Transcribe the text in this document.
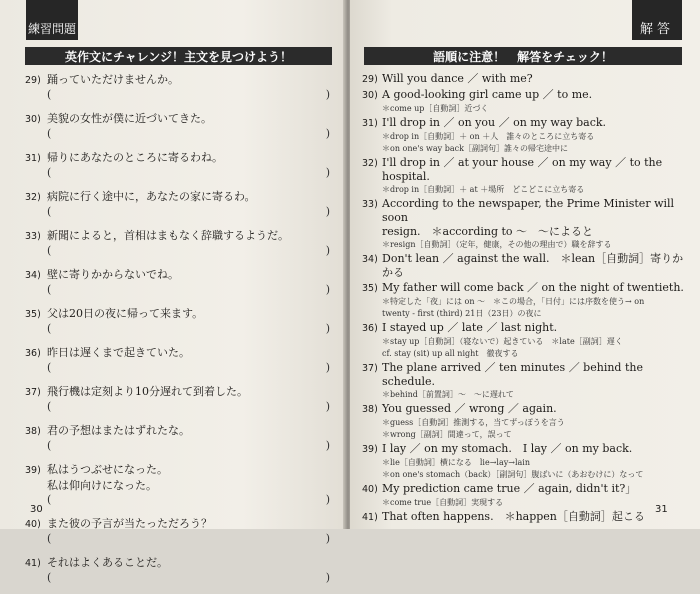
練習問題
英作文にチャレンジ！主文を見つけよう！
29) 踊っていただけませんか。
(	)
30) 美貌の女性が僕に近づいてきた。
(	)
31) 帰りにあなたのところに寄るわね。
(	)
32) 病院に行く途中に，あなたの家に寄るわ。
(	)
33) 新聞によると，首相はまもなく辞職するようだ。
(	)
34) 壁に寄りかからないでね。
(	)
35) 父は20日の夜に帰って来ます。
(	)
36) 昨日は遅くまで起きていた。
(	)
37) 飛行機は定刻より10分遅れて到着した。
(	)
38) 君の予想はまたはずれたな。
(	)
39) 私はうつぶせになった。
私は仰向けになった。
(	)
40) また彼の予言が当たっただろう？
(	)
41) それはよくあることだ。
(	)
30
解答
語順に注意！　解答をチェック！
29) Will you dance ／ with me?
30) A good-looking girl came up ／ to me.
＊come up［自動詞］近づく
31) I'll drop in ／ on you ／ on my way back.
＊drop in［自動詞］＋ on ＋人　誰々のところに立ち寄る
＊on one's way back［副詞句］誰々の帰宅途中に
32) I'll drop in ／ at your house ／ on my way ／ to the hospital.
＊drop in［自動詞］＋ at ＋場所　どこどこに立ち寄る
33) According to the newspaper, the Prime Minister will soon
resign.　＊according to ～　～によると
＊resign［自動詞］（定年，健康，その他の理由で）職を辞する
34) Don't lean ／ against the wall.　＊lean［自動詞］寄りかかる
35) My father will come back ／ on the night of twentieth.
＊特定した「夜」には on ～　＊この場合，「日付」には序数を使う→ on
twenty - first (third) 21日（23日）の夜に
36) I stayed up ／ late ／ last night.
＊stay up［自動詞］（寝ないで）起きている　＊late［副詞］遅く
cf. stay (sit) up all night　徹夜する
37) The plane arrived ／ ten minutes ／ behind the schedule.
＊behind［前置詞］～　～に遅れて
38) You guessed ／ wrong ／ again.
＊guess［自動詞］推測する，当てずっぽうを言う
＊wrong［副詞］間違って，誤って
39) I lay ／ on my stomach.　I lay ／ on my back.
＊lie［自動詞］横になる　lie→lay→lain
＊on one's stomach（back）［副詞句］腹ばいに（あおむけに）なって
40) My prediction came true ／ again, didn't it?」
＊come true［自動詞］実現する
41) That often happens.　＊happen［自動詞］起こる
31
